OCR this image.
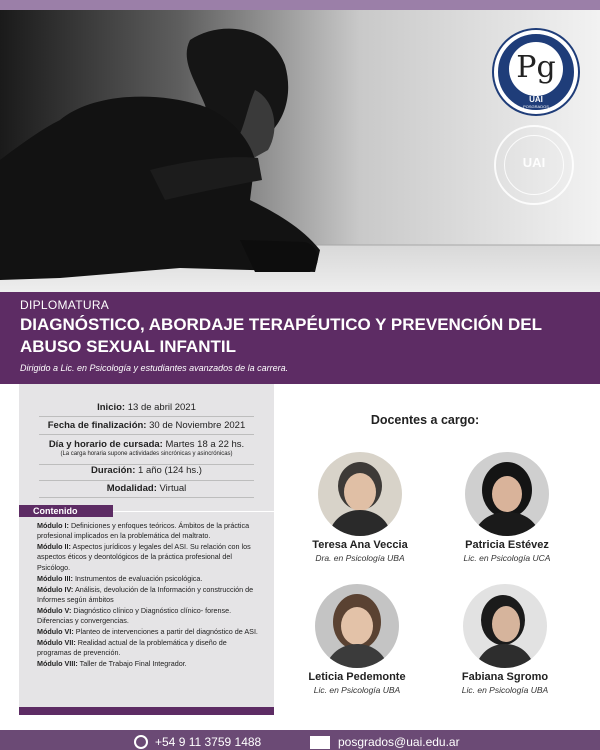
Pg
UAI
POSGRADOS
UAI
DIPLOMATURA
DIAGNÓSTICO, ABORDAJE TERAPÉUTICO Y PREVENCIÓN DEL ABUSO SEXUAL INFANTIL
Dirigido a Lic. en Psicología y estudiantes avanzados de la carrera.
Inicio: 13 de abril 2021
Fecha de finalización: 30 de Noviembre 2021
Día y horario de cursada: Martes 18 a 22 hs.
(La carga horaria supone actividades sincrónicas y asincrónicas)
Duración: 1 año (124 hs.)
Modalidad: Virtual
Contenido

Módulo I: Definiciones y enfoques teóricos. Ámbitos de la práctica profesional implicados en la problemática del maltrato.

Módulo II: Aspectos jurídicos y legales del ASI. Su relación con los aspectos éticos y deontológicos de la práctica profesional del Psicólogo.

Módulo III: Instrumentos de evaluación psicológica.

Módulo IV: Análisis, devolución de la Información y construcción de Informes según ámbitos

Módulo V: Diagnóstico clínico y Diagnóstico clínico- forense. Diferencias y convergencias.

Módulo VI: Planteo de intervenciones a partir del diagnóstico de ASI.

Módulo VII: Realidad actual de la problemática y diseño de programas de prevención.

Módulo VIII: Taller de Trabajo Final Integrador.

Docentes a cargo:
Teresa Ana Veccia
Dra. en Psicología UBA
Patricia Estévez
Lic. en Psicología UCA
Leticia Pedemonte
Lic. en Psicología UBA
Fabiana Sgromo
Lic. en Psicología UBA
+54 9 11 3759 1488	posgrados@uai.edu.ar
